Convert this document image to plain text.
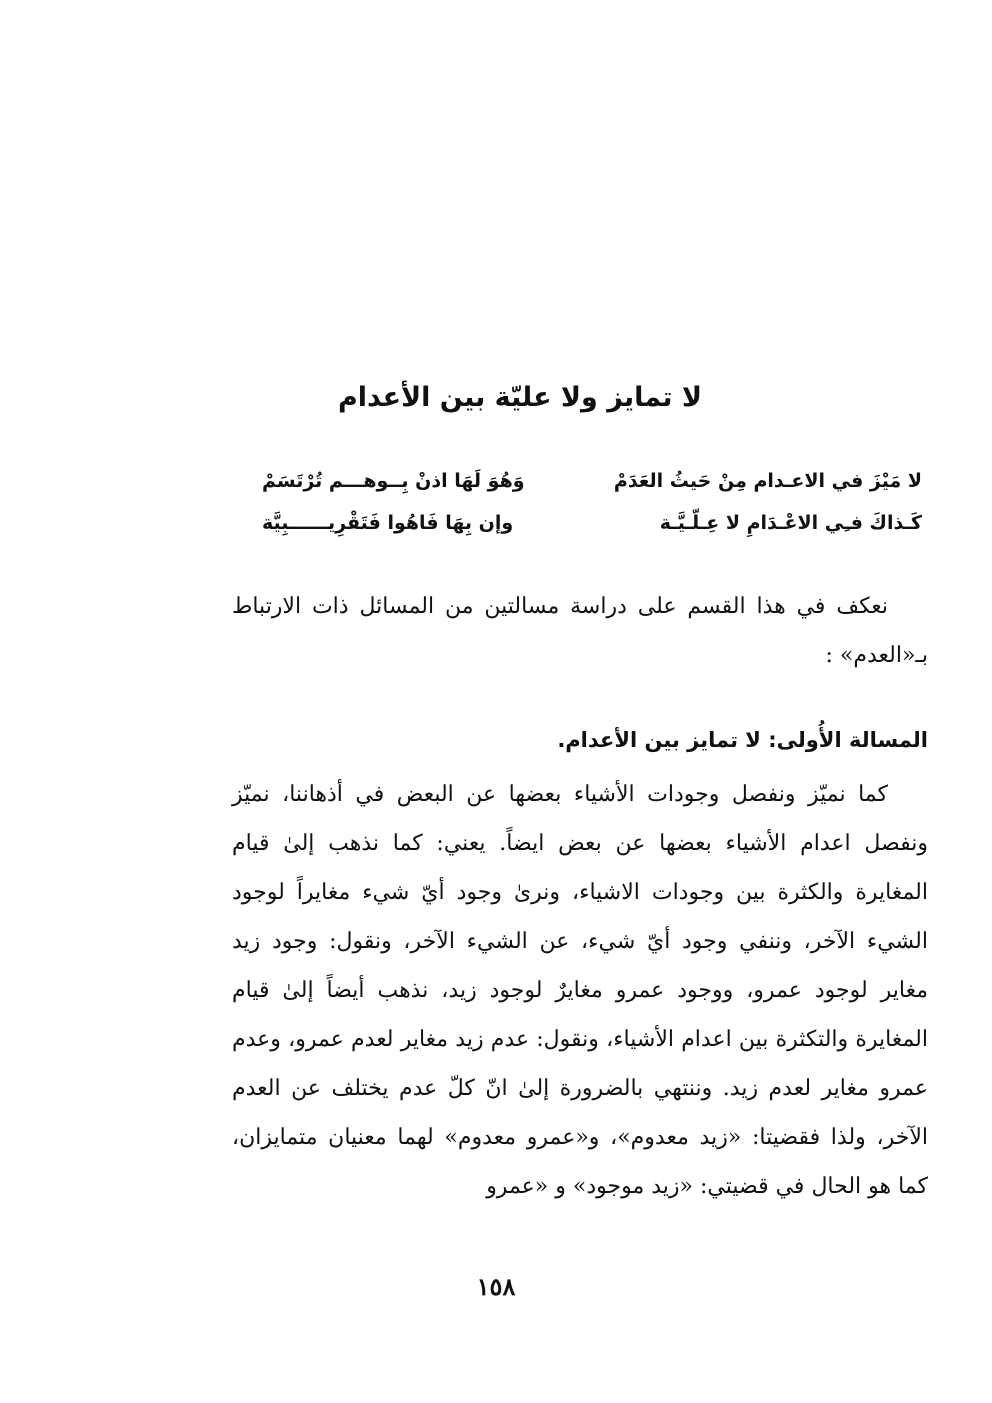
لا تمايز ولا عليّة بين الأعدام
لا مَيْزَ في الاعـدام مِنْ حَيثُ العَدَمْ
وَهُوَ لَهَا اذنْ بِــوهـــم تُرْتَسَمْ
كَـذاكَ فـِي الاعْـدَامِ لا عِـلّـيَّـة
وإن بِهَا فَاهُوا فَتَقْرِيــــــبِيَّة

نعكف في هذا القسم على دراسة مسالتين من المسائل ذات الارتباط بـ«العدم» :

المسالة الأُولى: لا تمايز بين الأعدام.

كما نميّز ونفصل وجودات الأشياء بعضها عن البعض في أذهاننا، نميّز ونفصل اعدام الأشياء بعضها عن بعض ايضاً. يعني: كما نذهب إلىٰ قيام المغايرة والكثرة بين وجودات الاشياء، ونرىٰ وجود أيّ شيء مغايراً لوجود الشيء الآخر، وننفي وجود أيّ شيء، عن الشيء الآخر، ونقول: وجود زيد مغاير لوجود عمرو، ووجود عمرو مغايرٌ لوجود زيد، نذهب أيضاً إلىٰ قيام المغايرة والتكثرة بين اعدام الأشياء، ونقول: عدم زيد مغاير لعدم عمرو، وعدم عمرو مغاير لعدم زيد. وننتهي بالضرورة إلىٰ انّ كلّ عدم يختلف عن العدم الآخر، ولذا فقضيتا: «زيد معدوم»، و«عمرو معدوم» لهما معنيان متمايزان، كما هو الحال في قضيتي: «زيد موجود» و «عمرو

١٥٨
